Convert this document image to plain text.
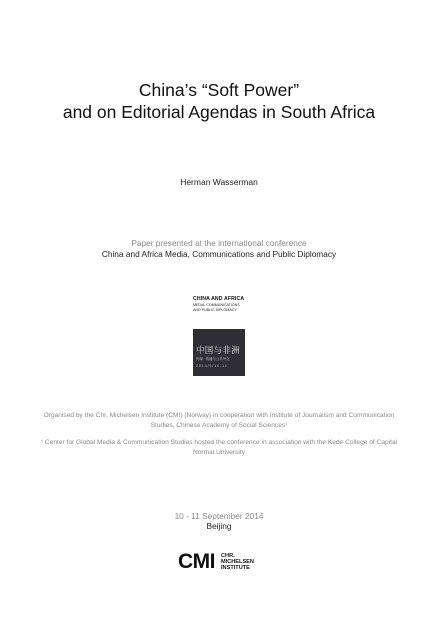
China’s “Soft Power”
and on Editorial Agendas in South Africa
Herman Wasserman
Paper presented at the international conference
China and Africa Media, Communications and Public Diplomacy
CHINA AND AFRICA
MEDIA, COMMUNICATIONS
AND PUBLIC DIPLOMACY
中国与非洲
传媒 · 传播与公共外交
2014/9/10-11
Organised by the Chr. Michelsen Institute (CMI) (Norway) in cooperation with Institute of Journalism and Communication Studies, Chinese Academy of Social Sciences¹
¹ Center for Global Media & Communication Studies hosted the conference in association with the Kede College of Capital Normal University
10 - 11 September 2014
Beijing
CMI CHR.
MICHELSEN
INSTITUTE
